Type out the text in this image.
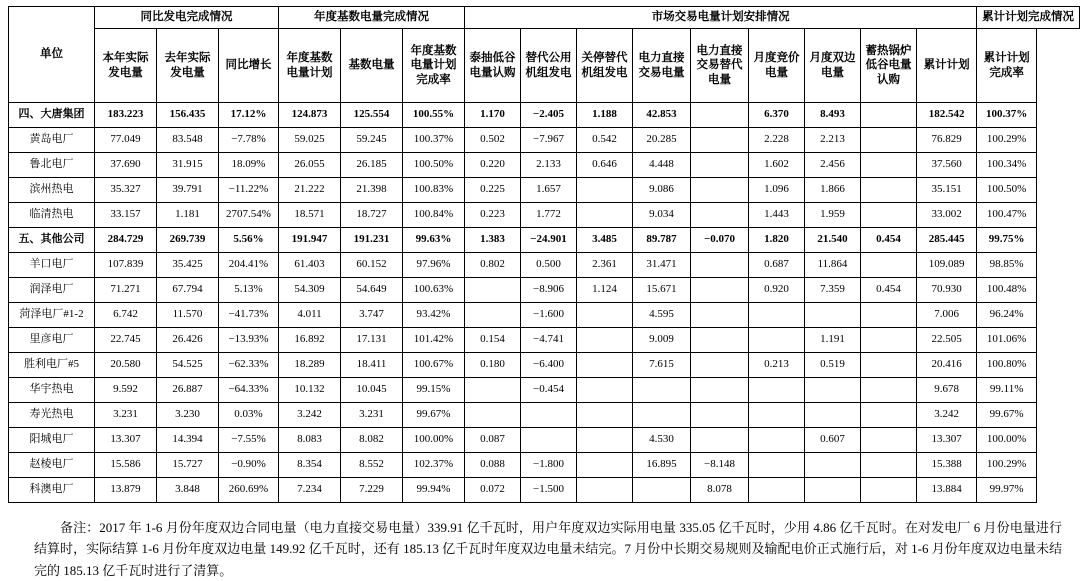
单位	同比发电完成情况			年度基数电量完成情况			市场交易电量计划安排情况									累计计划完成情况
	本年实际发电量	去年实际发电量	同比增长	年度基数电量计划	基数电量	年度基数电量计划完成率	泰抽低谷电量认购	替代公用机组发电	关停替代机组发电	电力直接交易电量	电力直接交易替代电量	月度竞价电量	月度双边电量	蓄热锅炉低谷电量认购	累计计划	累计计划完成率
四、大唐集团	183.223	156.435	17.12%	124.873	125.554	100.55%	1.170	−2.405	1.188	42.853		6.370	8.493		182.542	100.37%
黄岛电厂	77.049	83.548	−7.78%	59.025	59.245	100.37%	0.502	−7.967	0.542	20.285		2.228	2.213		76.829	100.29%
鲁北电厂	37.690	31.915	18.09%	26.055	26.185	100.50%	0.220	2.133	0.646	4.448		1.602	2.456		37.560	100.34%
滨州热电	35.327	39.791	−11.22%	21.222	21.398	100.83%	0.225	1.657		9.086		1.096	1.866		35.151	100.50%
临清热电	33.157	1.181	2707.54%	18.571	18.727	100.84%	0.223	1.772		9.034		1.443	1.959		33.002	100.47%
五、其他公司	284.729	269.739	5.56%	191.947	191.231	99.63%	1.383	−24.901	3.485	89.787	−0.070	1.820	21.540	0.454	285.445	99.75%
羊口电厂	107.839	35.425	204.41%	61.403	60.152	97.96%	0.802	0.500	2.361	31.471		0.687	11.864		109.089	98.85%
润泽电厂	71.271	67.794	5.13%	54.309	54.649	100.63%		−8.906	1.124	15.671		0.920	7.359	0.454	70.930	100.48%
菏泽电厂#1-2	6.742	11.570	−41.73%	4.011	3.747	93.42%		−1.600		4.595					7.006	96.24%
里彦电厂	22.745	26.426	−13.93%	16.892	17.131	101.42%	0.154	−4.741		9.009			1.191		22.505	101.06%
胜利电厂#5	20.580	54.525	−62.33%	18.289	18.411	100.67%	0.180	−6.400		7.615		0.213	0.519		20.416	100.80%
华宇热电	9.592	26.887	−64.33%	10.132	10.045	99.15%		−0.454							9.678	99.11%
寿光热电	3.231	3.230	0.03%	3.242	3.231	99.67%									3.242	99.67%
阳城电厂	13.307	14.394	−7.55%	8.083	8.082	100.00%	0.087			4.530			0.607		13.307	100.00%
赵棱电厂	15.586	15.727	−0.90%	8.354	8.552	102.37%	0.088	−1.800		16.895	−8.148				15.388	100.29%
科澳电厂	13.879	3.848	260.69%	7.234	7.229	99.94%	0.072	−1.500			8.078				13.884	99.97%

备注：2017 年 1-6 月份年度双边合同电量（电力直接交易电量）339.91 亿千瓦时，用户年度双边实际用电量 335.05 亿千瓦时，少用 4.86 亿千瓦时。在对发电厂 6 月份电量进行结算时，实际结算 1-6 月份年度双边电量 149.92 亿千瓦时，还有 185.13 亿千瓦时年度双边电量未结完。7 月份中长期交易规则及输配电价正式施行后，对 1-6 月份年度双边电量未结完的 185.13 亿千瓦时进行了清算。
